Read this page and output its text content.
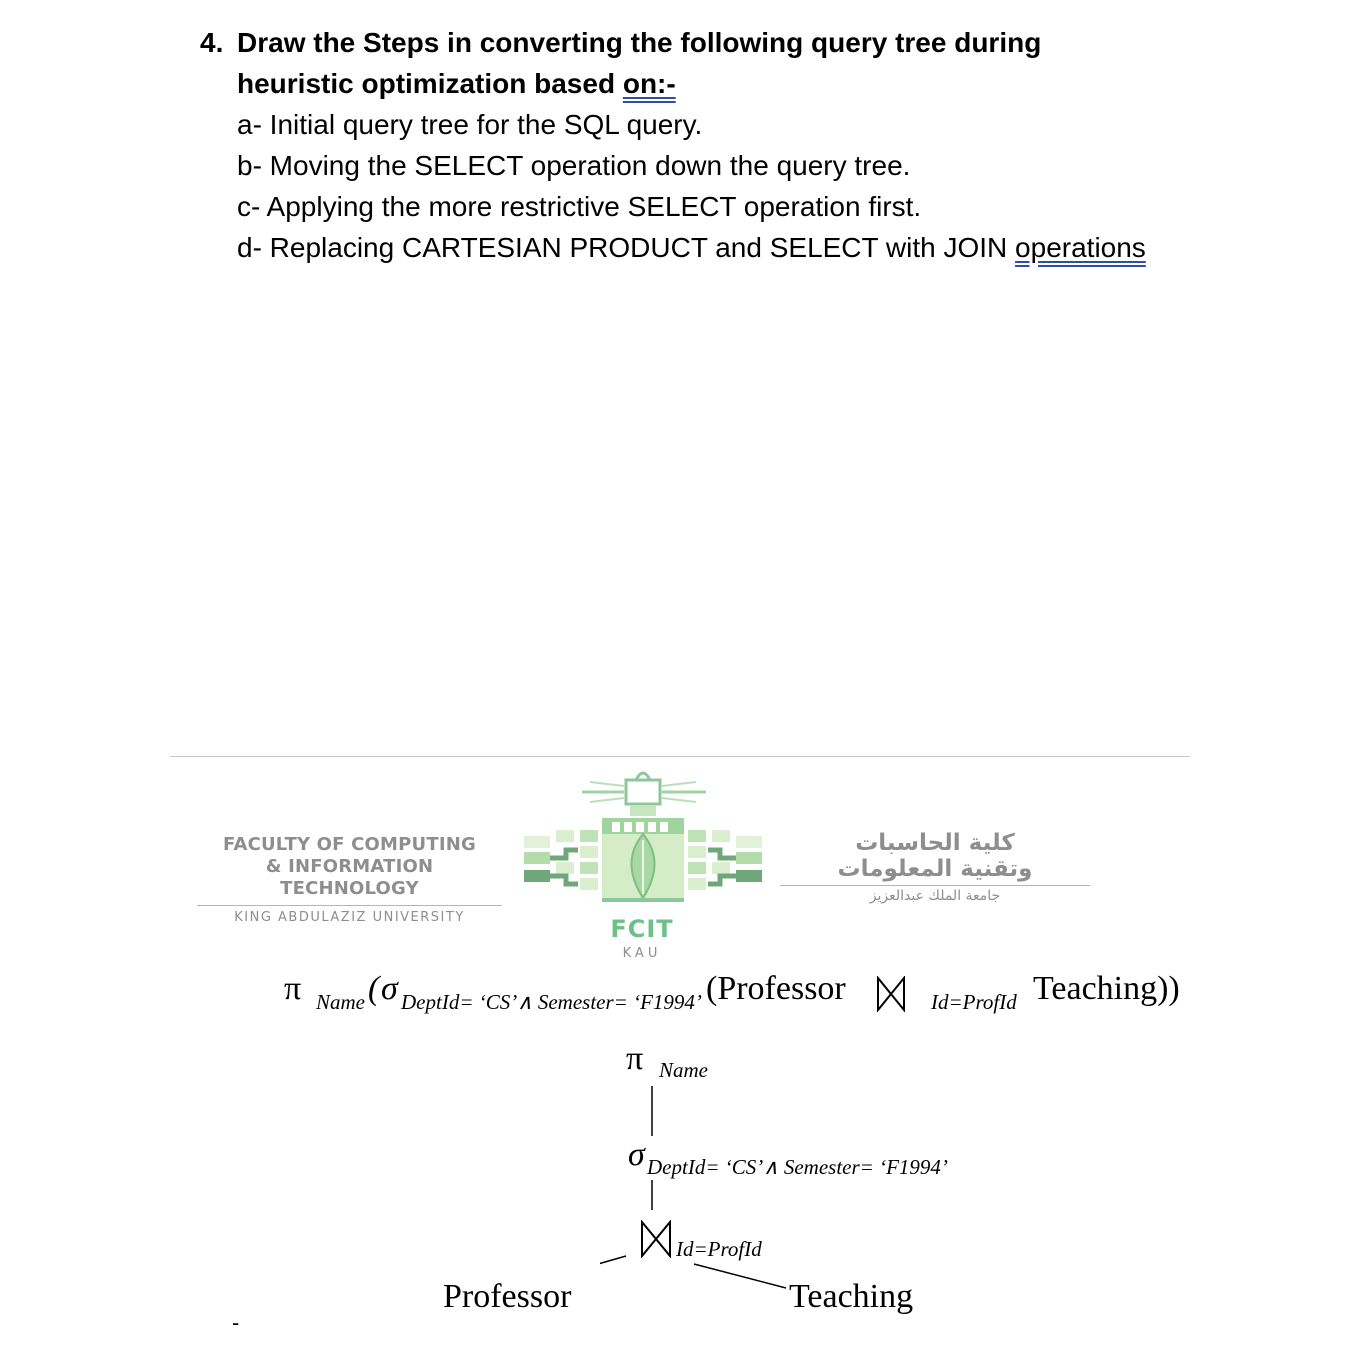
4. Draw the Steps in converting the following query tree during
heuristic optimization based on:-
a- Initial query tree for the SQL query.
b- Moving the SELECT operation down the query tree.
c- Applying the more restrictive SELECT operation first.
d- Replacing CARTESIAN PRODUCT and SELECT with JOIN operations
FACULTY OF COMPUTING
& INFORMATION TECHNOLOGY
KING ABDULAZIZ UNIVERSITY	FCIT
KAU
كلية الحاسبات
وتقنية المعلومات
جامعة الملك عبدالعزيز
π Name ( σ DeptId= ‘CS’∧ Semester= ‘F1994’ (Professor	Id=ProfId Teaching))
π Name
σ DeptId= ‘CS’∧ Semester= ‘F1994’
Id=ProfId
Professor	Teaching
-
